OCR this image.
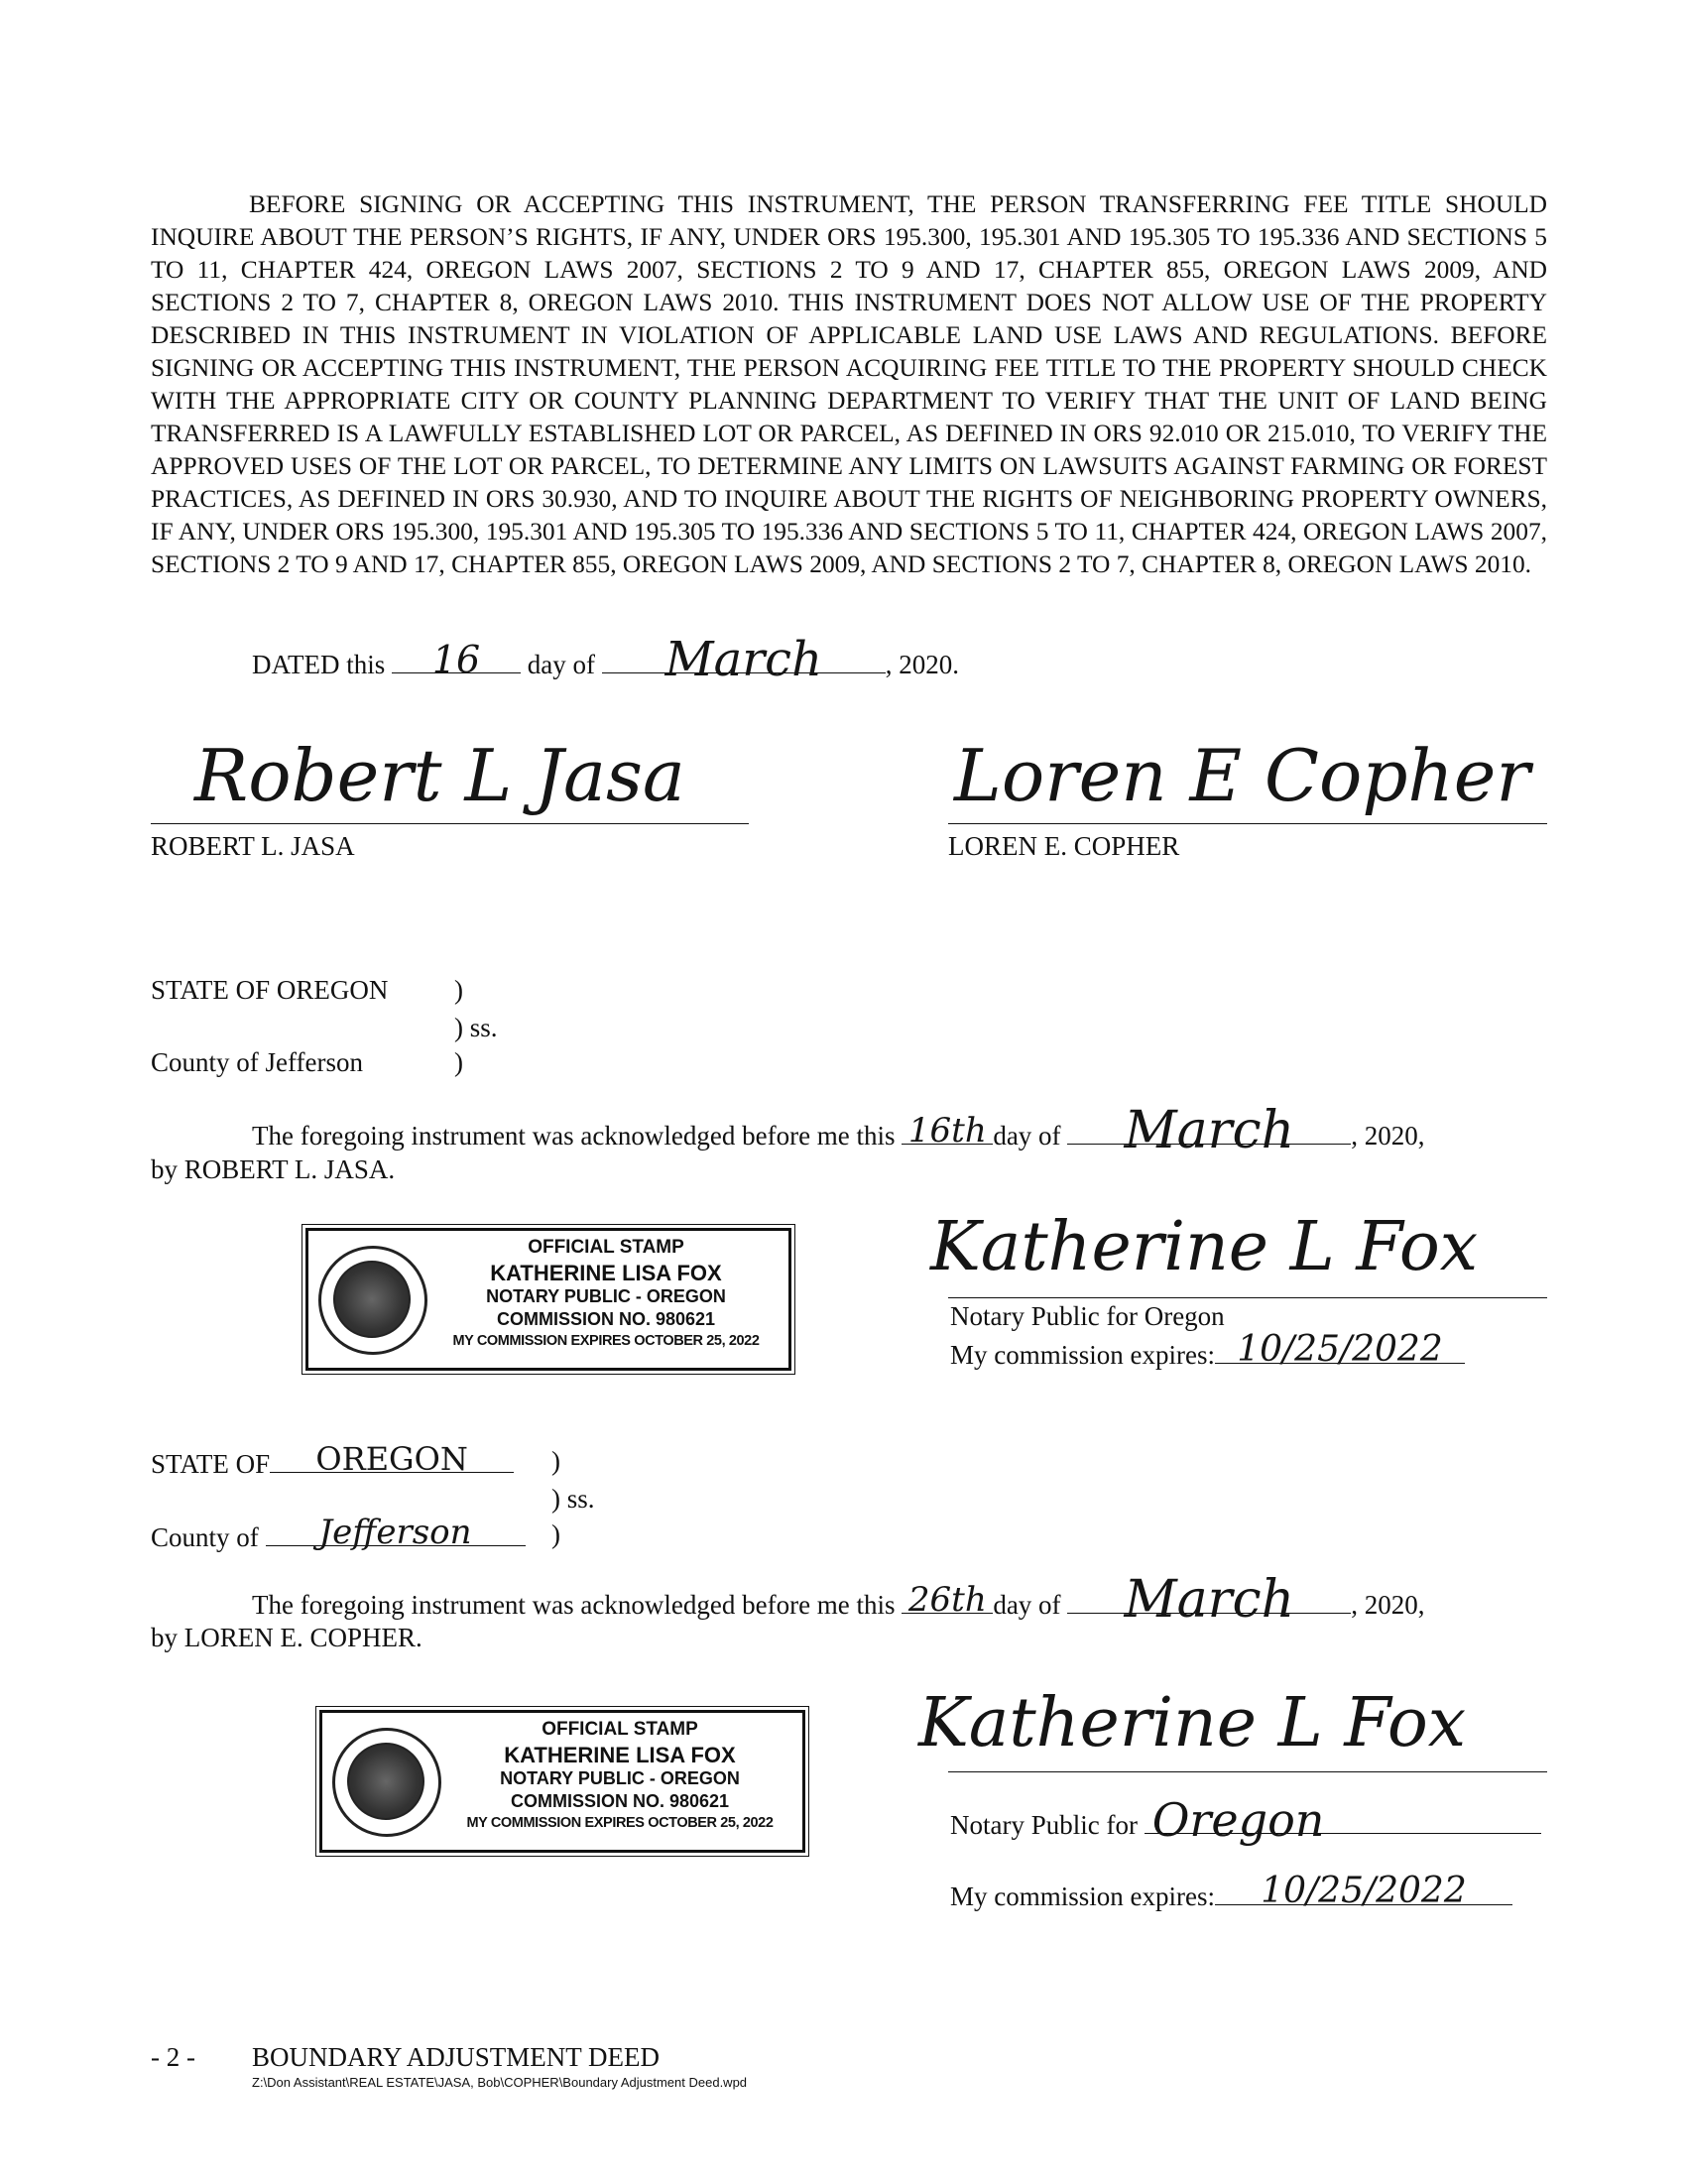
BEFORE SIGNING OR ACCEPTING THIS INSTRUMENT, THE PERSON TRANSFERRING FEE TITLE SHOULD INQUIRE ABOUT THE PERSON’S RIGHTS, IF ANY, UNDER ORS 195.300, 195.301 AND 195.305 TO 195.336 AND SECTIONS 5 TO 11, CHAPTER 424, OREGON LAWS 2007, SECTIONS 2 TO 9 AND 17, CHAPTER 855, OREGON LAWS 2009, AND SECTIONS 2 TO 7, CHAPTER 8, OREGON LAWS 2010. THIS INSTRUMENT DOES NOT ALLOW USE OF THE PROPERTY DESCRIBED IN THIS INSTRUMENT IN VIOLATION OF APPLICABLE LAND USE LAWS AND REGULATIONS. BEFORE SIGNING OR ACCEPTING THIS INSTRUMENT, THE PERSON ACQUIRING FEE TITLE TO THE PROPERTY SHOULD CHECK WITH THE APPROPRIATE CITY OR COUNTY PLANNING DEPARTMENT TO VERIFY THAT THE UNIT OF LAND BEING TRANSFERRED IS A LAWFULLY ESTABLISHED LOT OR PARCEL, AS DEFINED IN ORS 92.010 OR 215.010, TO VERIFY THE APPROVED USES OF THE LOT OR PARCEL, TO DETERMINE ANY LIMITS ON LAWSUITS AGAINST FARMING OR FOREST PRACTICES, AS DEFINED IN ORS 30.930, AND TO INQUIRE ABOUT THE RIGHTS OF NEIGHBORING PROPERTY OWNERS, IF ANY, UNDER ORS 195.300, 195.301 AND 195.305 TO 195.336 AND SECTIONS 5 TO 11, CHAPTER 424, OREGON LAWS 2007, SECTIONS 2 TO 9 AND 17, CHAPTER 855, OREGON LAWS 2009, AND SECTIONS 2 TO 7, CHAPTER 8, OREGON LAWS 2010.
DATED this	16	day of	March	, 2020.
Robert L Jasa
ROBERT L. JASA
Loren E Copher
LOREN E. COPHER
STATE OF OREGON )
) ss.
County of Jefferson	)
The foregoing instrument was acknowledged before me this 16th day of	March	, 2020,
by ROBERT L. JASA.
OFFICIAL STAMP
KATHERINE LISA FOX
NOTARY PUBLIC - OREGON
COMMISSION NO. 980621
MY COMMISSION EXPIRES OCTOBER 25, 2022
Katherine L Fox
Notary Public for Oregon
My commission expires: 10/25/2022
STATE OF	OREGON	)
) ss.
County of	Jefferson	)
The foregoing instrument was acknowledged before me this 26th day of	March	, 2020,
by LOREN E. COPHER.
OFFICIAL STAMP
KATHERINE LISA FOX
NOTARY PUBLIC - OREGON
COMMISSION NO. 980621
MY COMMISSION EXPIRES OCTOBER 25, 2022
Katherine L Fox
Notary Public for Oregon
My commission expires:	10/25/2022
- 2 - BOUNDARY ADJUSTMENT DEED
Z:\Don Assistant\REAL ESTATE\JASA, Bob\COPHER\Boundary Adjustment Deed.wpd
